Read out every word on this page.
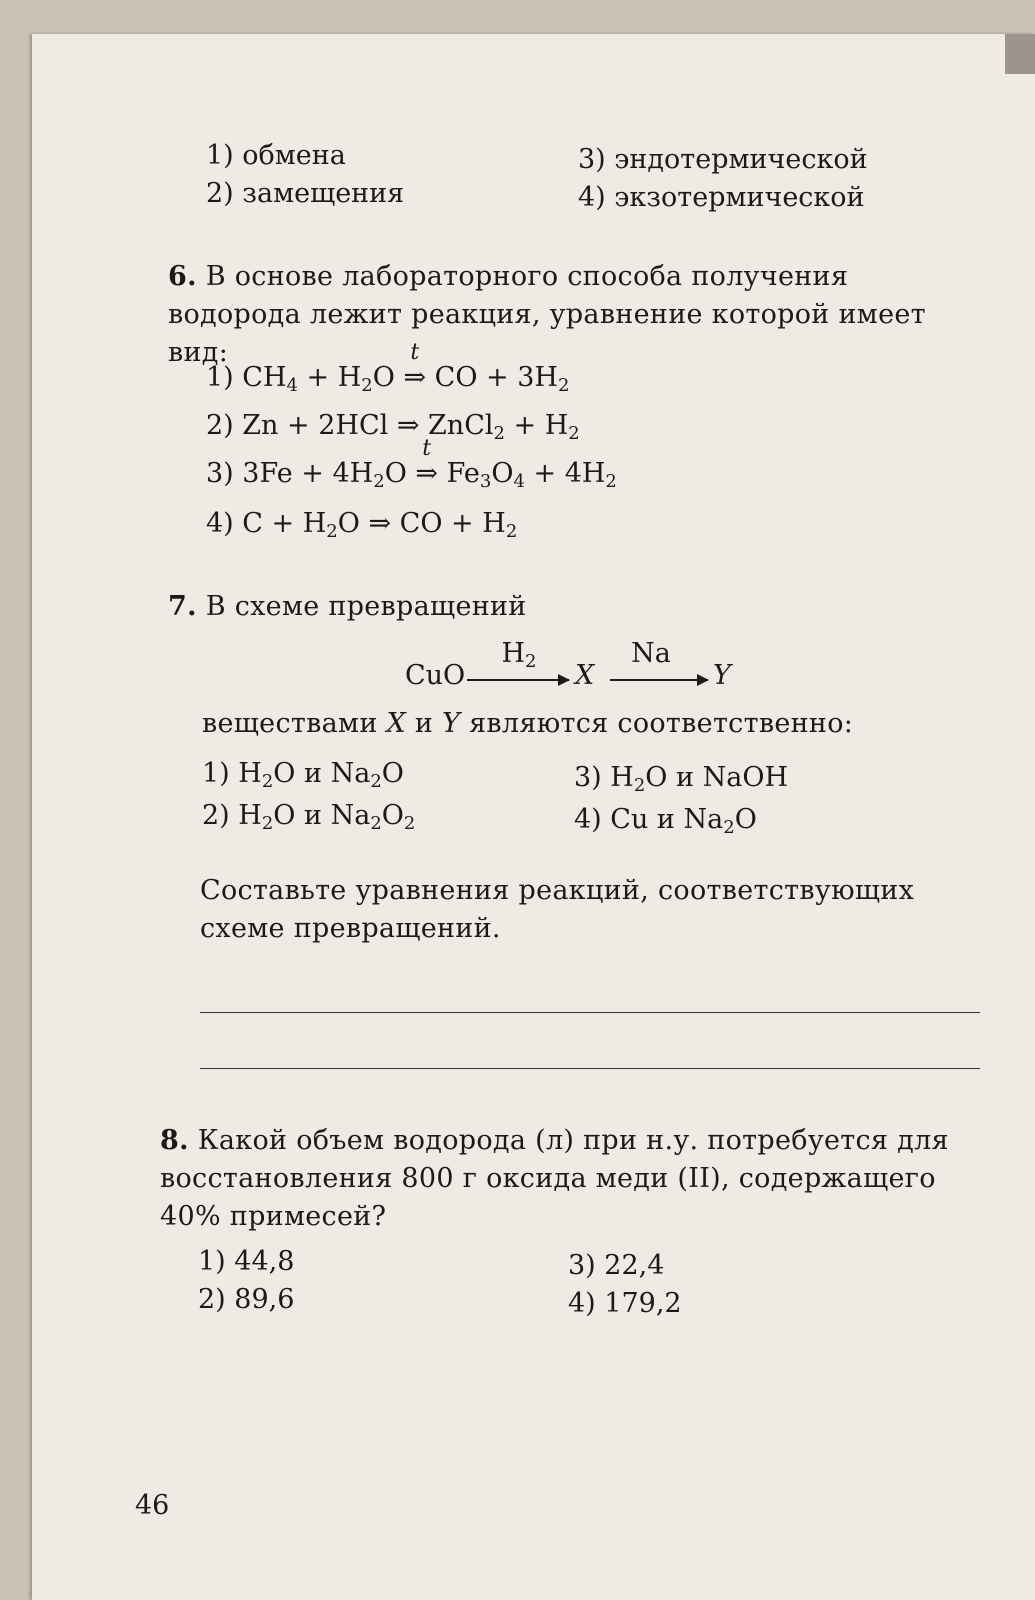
1) обмена
2) замещения
3) эндотермической
4) экзотермической
6. В основе лабораторного способа получения водорода лежит реакция, уравнение которой имеет вид:
1) $CH_4 + H_2O$ ⇒
t
CO + $3H_2$
2) Zn + 2HCl ⇒ ZnCl$_2$ + $H_2$
3) $3Fe + 4H_2O$ ⇒
t
$Fe_3O_4 + 4H_2$
4) $C + H_2O$ ⇒ CO + $H_2$
7. В схеме превращений
CuO
$H_2$ X
Na
Y
веществами X и Y являются соответственно:
1) $H_2O$ и $Na_2O$
2) $H_2O$ и $Na_2O_2$
3) $H_2O$ и NaOH
4) Cu и $Na_2O$
Составьте уравнения реакций, соответствующих схеме превращений.
8. Какой объем водорода (л) при н.у. потребуется для восстановления 800 г оксида меди (II), содержащего 40% примесей?
1) 44,8
2) 89,6
3) 22,4
4) 179,2
46
